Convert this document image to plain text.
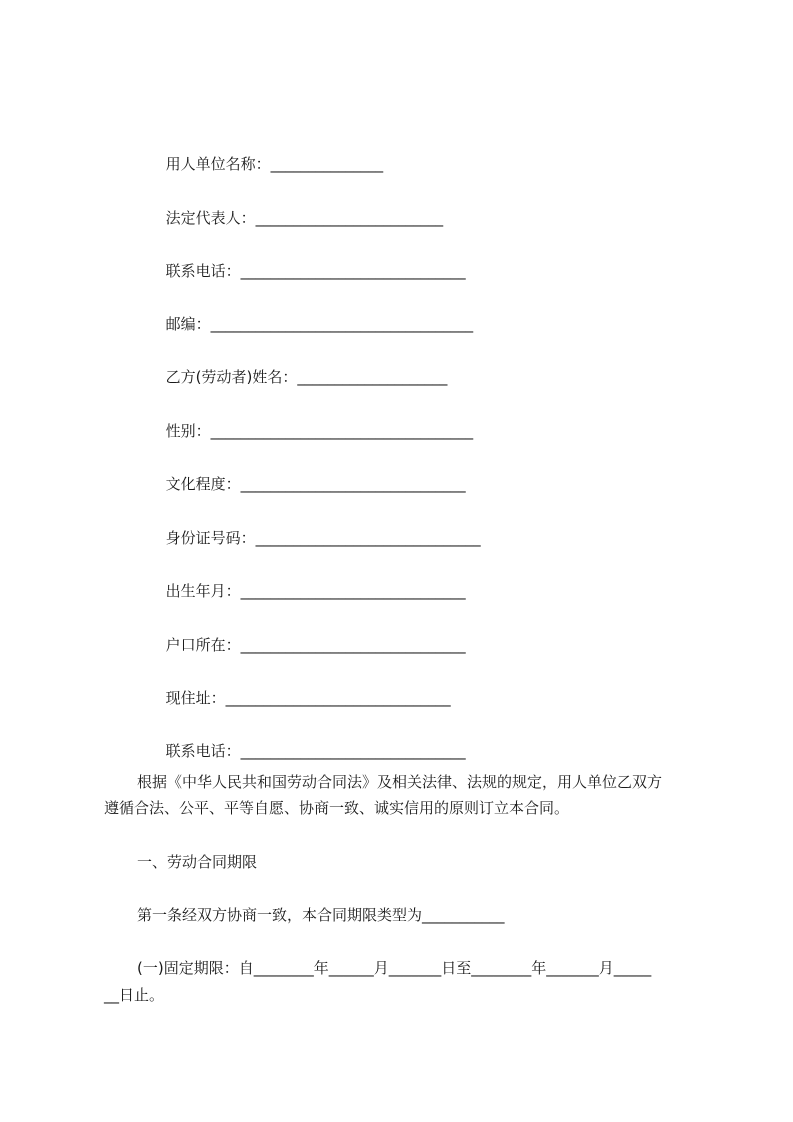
用人单位名称：_______________

法定代表人：_________________________

联系电话：______________________________

邮编：___________________________________

乙方(劳动者)姓名：____________________

性别：___________________________________

文化程度：______________________________

身份证号码：______________________________

出生年月：______________________________

户口所在：______________________________

现住址：______________________________

联系电话：______________________________

根据《中华人民共和国劳动合同法》及相关法律、法规的规定，用人单位乙双方
遵循合法、公平、平等自愿、协商一致、诚实信用的原则订立本合同。
一、劳动合同期限
第一条经双方协商一致，本合同期限类型为___________
(一)固定期限：自________年______月_______日至________年_______月_____
__日止。
